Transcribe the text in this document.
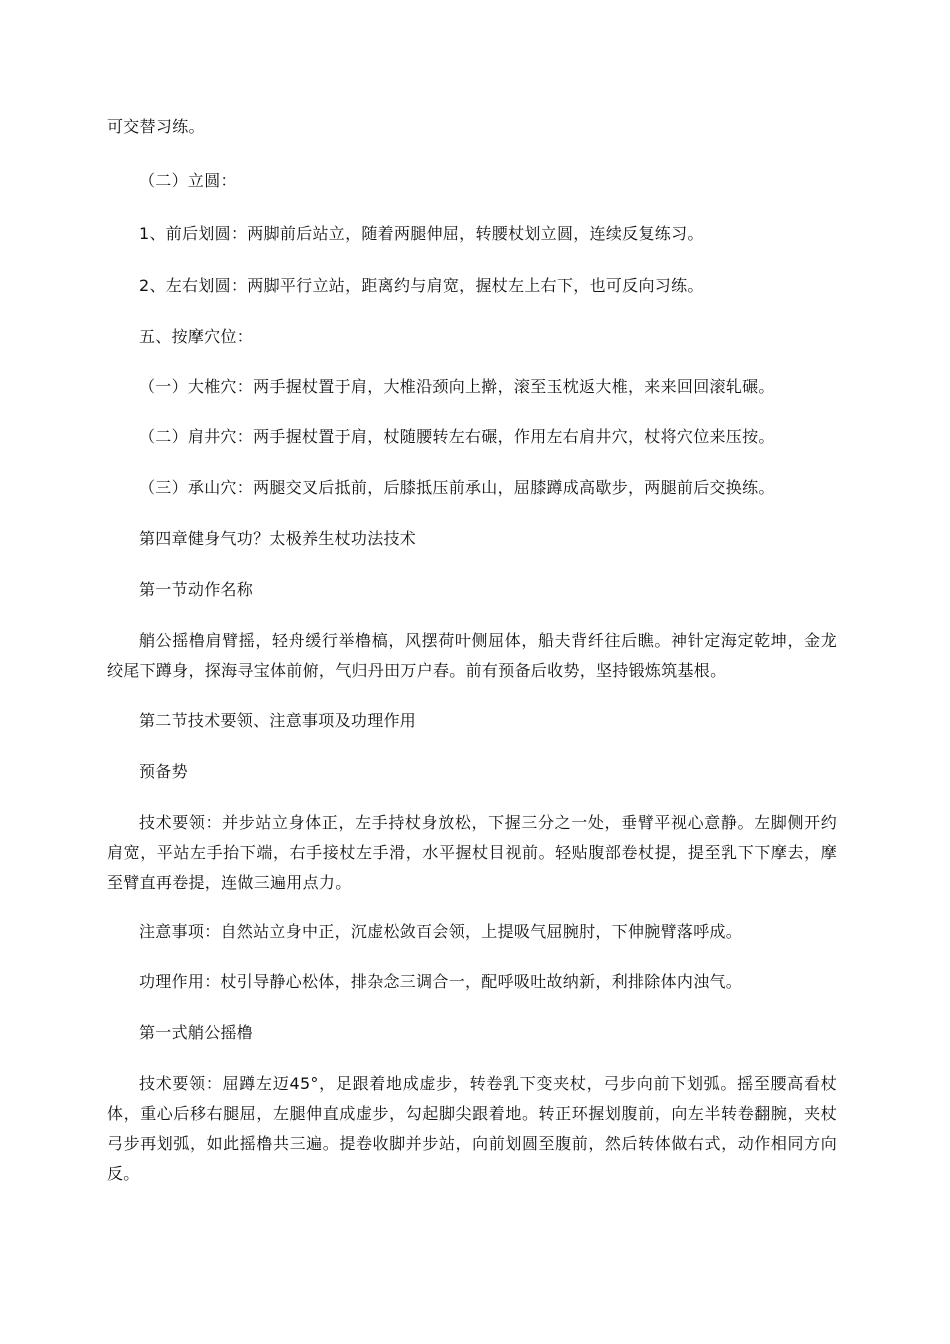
可交替习练。
（二）立圆：
1、前后划圆：两脚前后站立，随着两腿伸屈，转腰杖划立圆，连续反复练习。
2、左右划圆：两脚平行立站，距离约与肩宽，握杖左上右下，也可反向习练。
五、按摩穴位：
（一）大椎穴：两手握杖置于肩，大椎沿颈向上擀，滚至玉枕返大椎，来来回回滚轧碾。
（二）肩井穴：两手握杖置于肩，杖随腰转左右碾，作用左右肩井穴，杖将穴位来压按。
（三）承山穴：两腿交叉后抵前，后膝抵压前承山，屈膝蹲成高歇步，两腿前后交换练。
第四章健身气功？太极养生杖功法技术
第一节动作名称
艄公摇橹肩臂摇，轻舟缓行举橹槁，风摆荷叶侧屈体，船夫背纤往后瞧。神针定海定乾坤，金龙绞尾下蹲身，探海寻宝体前俯，气归丹田万户春。前有预备后收势，坚持锻炼筑基根。
第二节技术要领、注意事项及功理作用
预备势
技术要领：并步站立身体正，左手持杖身放松，下握三分之一处，垂臂平视心意静。左脚侧开约肩宽，平站左手抬下端，右手接杖左手滑，水平握杖目视前。轻贴腹部卷杖提，提至乳下下摩去，摩至臂直再卷提，连做三遍用点力。
注意事项：自然站立身中正，沉虚松敛百会领，上提吸气屈腕肘，下伸腕臂落呼成。
功理作用：杖引导静心松体，排杂念三调合一，配呼吸吐故纳新，利排除体内浊气。
第一式艄公摇橹
技术要领：屈蹲左迈45°，足跟着地成虚步，转卷乳下变夹杖，弓步向前下划弧。摇至腰高看杖体，重心后移右腿屈，左腿伸直成虚步，勾起脚尖跟着地。转正环握划腹前，向左半转卷翻腕，夹杖弓步再划弧，如此摇橹共三遍。提卷收脚并步站，向前划圆至腹前，然后转体做右式，动作相同方向反。
